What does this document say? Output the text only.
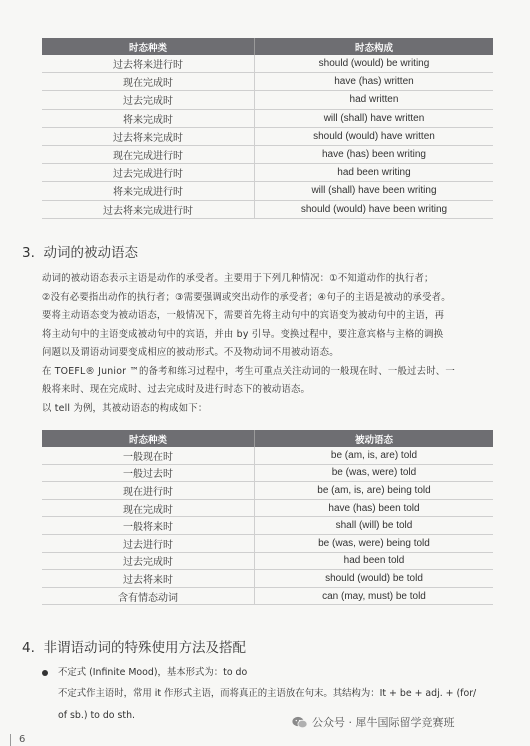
时态种类	时态构成
过去将来进行时	should (would) be writing
现在完成时	have (has) written
过去完成时	had written
将来完成时	will (shall) have written
过去将来完成时	should (would) have written
现在完成进行时	have (has) been writing
过去完成进行时	had been writing
将来完成进行时	will (shall) have been writing
过去将来完成进行时	should (would) have been writing
3. 动词的被动语态

动词的被动语态表示主语是动作的承受者。主要用于下列几种情况：①不知道动作的执行者；
②没有必要指出动作的执行者；③需要强调或突出动作的承受者；④句子的主语是被动的承受者。
要将主动语态变为被动语态，一般情况下，需要首先将主动句中的宾语变为被动句中的主语，再
将主动句中的主语变成被动句中的宾语，并由 by 引导。变换过程中，要注意宾格与主格的调换
问题以及谓语动词要变成相应的被动形式。不及物动词不用被动语态。
在 TOEFL® Junior ™的备考和练习过程中，考生可重点关注动词的一般现在时、一般过去时、一
般将来时、现在完成时、过去完成时及进行时态下的被动语态。
以 tell 为例，其被动语态的构成如下：

时态种类	被动语态
一般现在时	be (am, is, are) told
一般过去时	be (was, were) told
现在进行时	be (am, is, are) being told
现在完成时	have (has) been told
一般将来时	shall (will) be told
过去进行时	be (was, were) being told
过去完成时	had been told
过去将来时	should (would) be told
含有情态动词	can (may, must) be told
4. 非谓语动词的特殊使用方法及搭配
不定式 (Infinite Mood)，基本形式为：to do
不定式作主语时，常用 it 作形式主语，而将真正的主语放在句末。其结构为：It + be + adj. + (for/
of sb.) to do sth.
公众号 · 犀牛国际留学竞赛班
6
